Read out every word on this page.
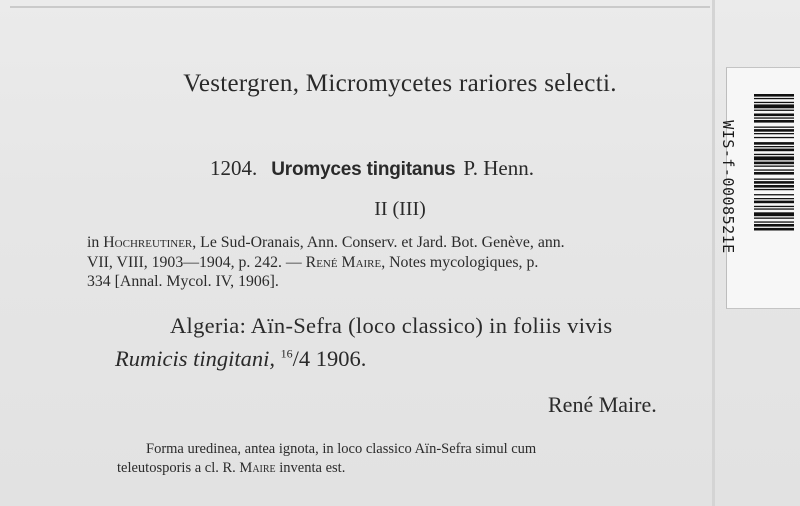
Vestergren, Micromycetes rariores selecti.
1204. Uromyces tingitanus P. Henn.
II (III)
in Hochreutiner, Le Sud-Oranais, Ann. Conserv. et Jard. Bot. Genève, ann.
VII, VIII, 1903—1904, p. 242. — René Maire, Notes mycologiques, p.
334 [Annal. Mycol. IV, 1906].
Algeria: Aïn-Sefra (loco classico) in foliis vivis
Rumicis tingitani, $^{16}$/4 1906.
René Maire.
Forma uredinea, antea ignota, in loco classico Aïn-Sefra simul cum
teleutosporis a cl. R. Maire inventa est.
WIS-f-0008521E
